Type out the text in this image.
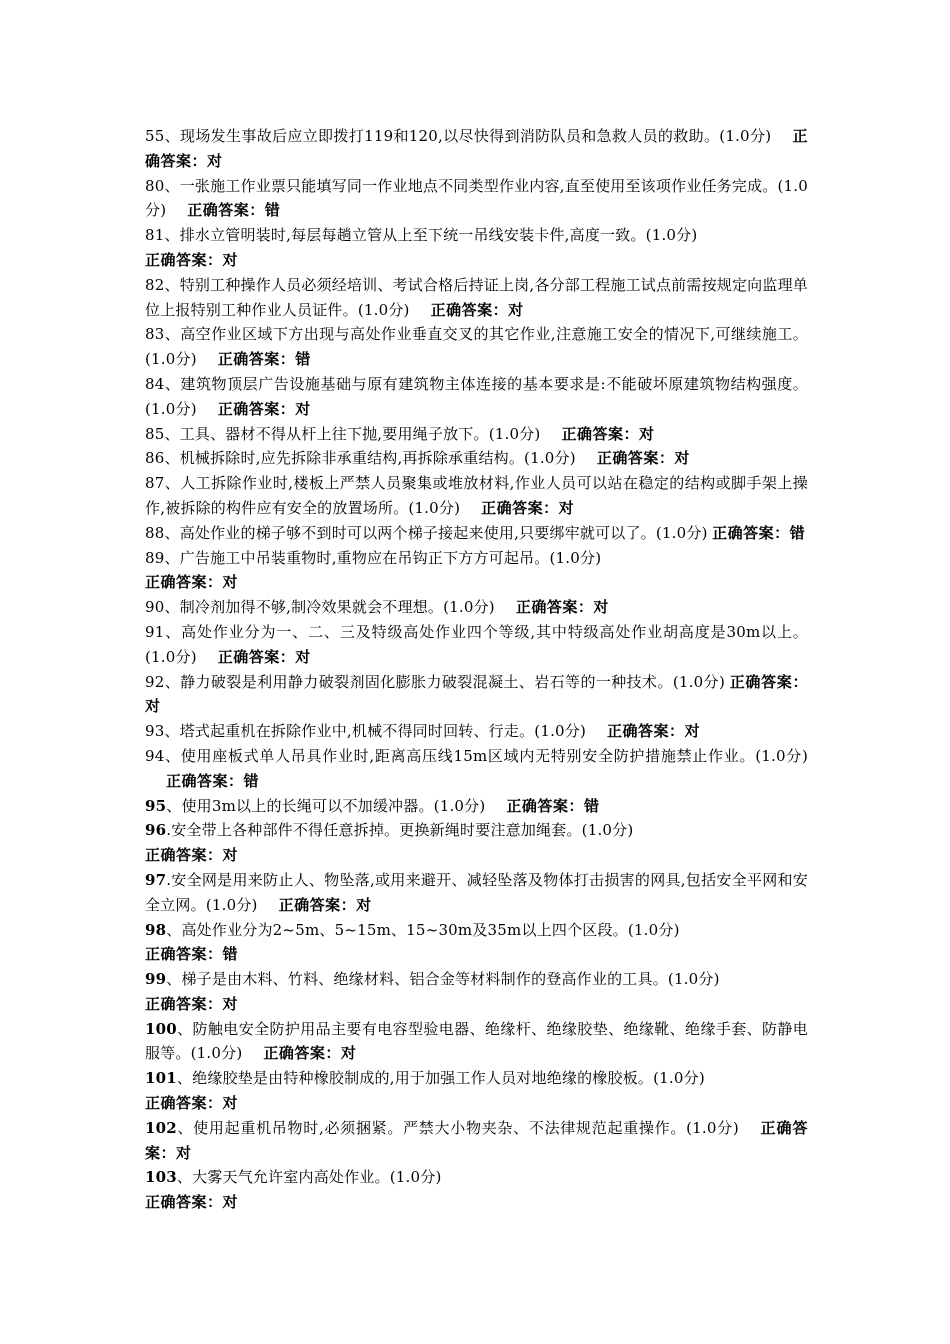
55、现场发生事故后应立即拨打119和120,以尽快得到消防队员和急救人员的救助。(1.0分) 正确答案：对

80、一张施工作业票只能填写同一作业地点不同类型作业内容,直至使用至该项作业任务完成。(1.0分) 正确答案：错

81、排水立管明装时,每层每趟立管从上至下统一吊线安装卡件,高度一致。(1.0分)
正确答案：对

82、特别工种操作人员必须经培训、考试合格后持证上岗,各分部工程施工试点前需按规定向监理单位上报特别工种作业人员证件。(1.0分) 正确答案：对

83、高空作业区域下方出现与高处作业垂直交叉的其它作业,注意施工安全的情况下,可继续施工。(1.0分) 正确答案：错

84、建筑物顶层广告设施基础与原有建筑物主体连接的基本要求是:不能破坏原建筑物结构强度。(1.0分) 正确答案：对

85、工具、器材不得从杆上往下抛,要用绳子放下。(1.0分) 正确答案：对

86、机械拆除时,应先拆除非承重结构,再拆除承重结构。(1.0分) 正确答案：对

87、人工拆除作业时,楼板上严禁人员聚集或堆放材料,作业人员可以站在稳定的结构或脚手架上操作,被拆除的构件应有安全的放置场所。(1.0分) 正确答案：对

88、高处作业的梯子够不到时可以两个梯子接起来使用,只要绑牢就可以了。(1.0分) 正确答案：错

89、广告施工中吊装重物时,重物应在吊钩正下方方可起吊。(1.0分)
正确答案：对

90、制冷剂加得不够,制冷效果就会不理想。(1.0分) 正确答案：对

91、高处作业分为一、二、三及特级高处作业四个等级,其中特级高处作业胡高度是30m以上。(1.0分) 正确答案：对

92、静力破裂是利用静力破裂剂固化膨胀力破裂混凝土、岩石等的一种技术。(1.0分) 正确答案：对

93、塔式起重机在拆除作业中,机械不得同时回转、行走。(1.0分) 正确答案：对

94、使用座板式单人吊具作业时,距离高压线15m区域内无特别安全防护措施禁止作业。(1.0分)正确答案：错

95、使用3m以上的长绳可以不加缓冲器。(1.0分) 正确答案：错

96.安全带上各种部件不得任意拆掉。更换新绳时要注意加绳套。(1.0分)
正确答案：对

97.安全网是用来防止人、物坠落,或用来避开、减轻坠落及物体打击损害的网具,包括安全平网和安全立网。(1.0分) 正确答案：对

98、高处作业分为2~5m、5~15m、15~30m及35m以上四个区段。(1.0分)
正确答案：错

99、梯子是由木料、竹料、绝缘材料、铝合金等材料制作的登高作业的工具。(1.0分)
正确答案：对

100、防触电安全防护用品主要有电容型验电器、绝缘杆、绝缘胶垫、绝缘靴、绝缘手套、防静电服等。(1.0分) 正确答案：对

101、绝缘胶垫是由特种橡胶制成的,用于加强工作人员对地绝缘的橡胶板。(1.0分)
正确答案：对

102、使用起重机吊物时,必须捆紧。严禁大小物夹杂、不法律规范起重操作。(1.0分) 正确答案：对

103、大雾天气允许室内高处作业。(1.0分)
正确答案：对
